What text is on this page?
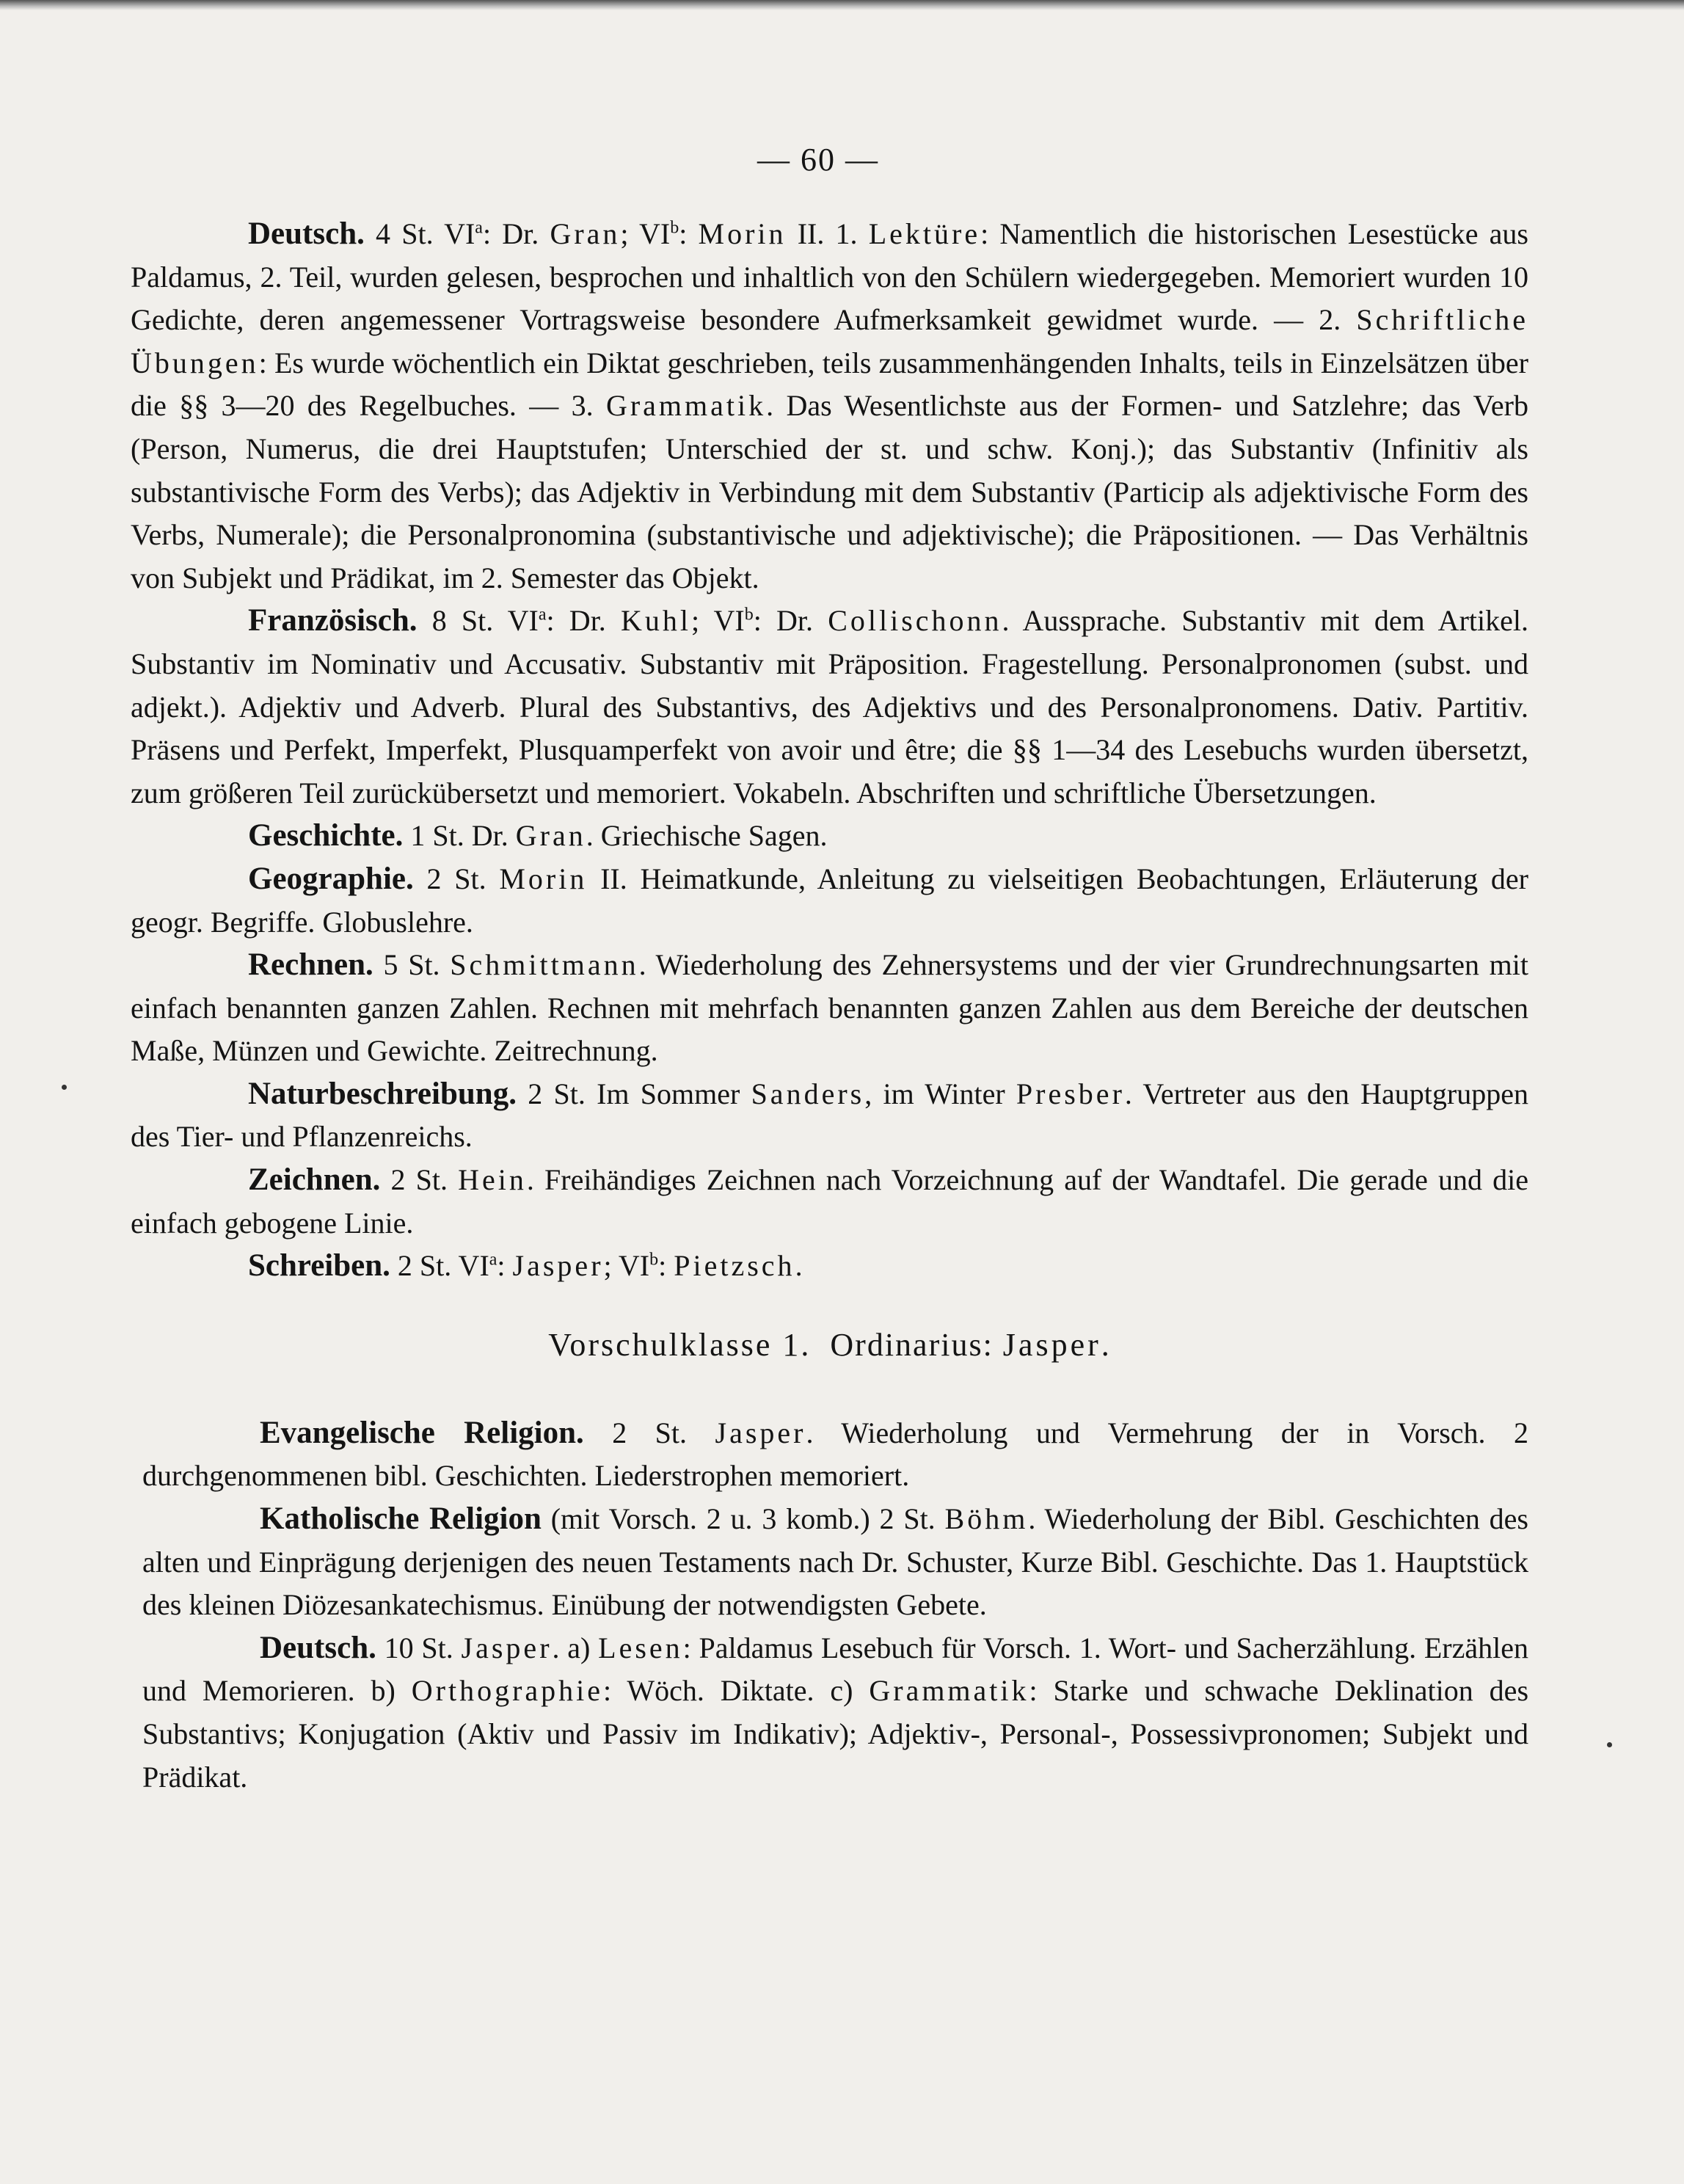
— 60 —

Deutsch. 4 St. $VI^a$: Dr. Gran; $VI^b$: Morin II. 1. Lektüre: Namentlich die historischen Lesestücke aus Paldamus, 2. Teil, wurden gelesen, besprochen und inhaltlich von den Schülern wiedergegeben. Memoriert wurden 10 Gedichte, deren angemessener Vortragsweise besondere Aufmerksamkeit gewidmet wurde. — 2. Schriftliche Übungen: Es wurde wöchentlich ein Diktat geschrieben, teils zusammenhängenden Inhalts, teils in Einzelsätzen über die §§ 3—20 des Regelbuches. — 3. Grammatik. Das Wesentlichste aus der Formen- und Satzlehre; das Verb (Person, Numerus, die drei Hauptstufen; Unterschied der st. und schw. Konj.); das Substantiv (Infinitiv als substantivische Form des Verbs); das Adjektiv in Verbindung mit dem Substantiv (Particip als adjektivische Form des Verbs, Numerale); die Personalpronomina (substantivische und adjektivische); die Präpositionen. — Das Verhältnis von Subjekt und Prädikat, im 2. Semester das Objekt.

Französisch. 8 St. $VI^a$: Dr. Kuhl; $VI^b$: Dr. Collischonn. Aussprache. Substantiv mit dem Artikel. Substantiv im Nominativ und Accusativ. Substantiv mit Präposition. Fragestellung. Personalpronomen (subst. und adjekt.). Adjektiv und Adverb. Plural des Substantivs, des Adjektivs und des Personalpronomens. Dativ. Partitiv. Präsens und Perfekt, Imperfekt, Plusquamperfekt von avoir und être; die §§ 1—34 des Lesebuchs wurden übersetzt, zum größeren Teil zurückübersetzt und memoriert. Vokabeln. Abschriften und schriftliche Übersetzungen.

Geschichte. 1 St. Dr. Gran. Griechische Sagen.

Geographie. 2 St. Morin II. Heimatkunde, Anleitung zu vielseitigen Beobachtungen, Erläuterung der geogr. Begriffe. Globuslehre.

Rechnen. 5 St. Schmittmann. Wiederholung des Zehnersystems und der vier Grundrechnungsarten mit einfach benannten ganzen Zahlen. Rechnen mit mehrfach benannten ganzen Zahlen aus dem Bereiche der deutschen Maße, Münzen und Gewichte. Zeitrechnung.

Naturbeschreibung. 2 St. Im Sommer Sanders, im Winter Presber. Vertreter aus den Hauptgruppen des Tier- und Pflanzenreichs.

Zeichnen. 2 St. Hein. Freihändiges Zeichnen nach Vorzeichnung auf der Wandtafel. Die gerade und die einfach gebogene Linie.

Schreiben. 2 St. $VI^a$: Jasper; $VI^b$: Pietzsch.

Vorschulklasse 1. Ordinarius: Jasper.

Evangelische Religion. 2 St. Jasper. Wiederholung und Vermehrung der in Vorsch. 2 durchgenommenen bibl. Geschichten. Liederstrophen memoriert.

Katholische Religion (mit Vorsch. 2 u. 3 komb.) 2 St. Böhm. Wiederholung der Bibl. Geschichten des alten und Einprägung derjenigen des neuen Testaments nach Dr. Schuster, Kurze Bibl. Geschichte. Das 1. Hauptstück des kleinen Diözesankatechismus. Einübung der notwendigsten Gebete.

Deutsch. 10 St. Jasper. a) Lesen: Paldamus Lesebuch für Vorsch. 1. Wort- und Sacherzählung. Erzählen und Memorieren. b) Orthographie: Wöch. Diktate. c) Grammatik: Starke und schwache Deklination des Substantivs; Konjugation (Aktiv und Passiv im Indikativ); Adjektiv-, Personal-, Possessivpronomen; Subjekt und Prädikat.
